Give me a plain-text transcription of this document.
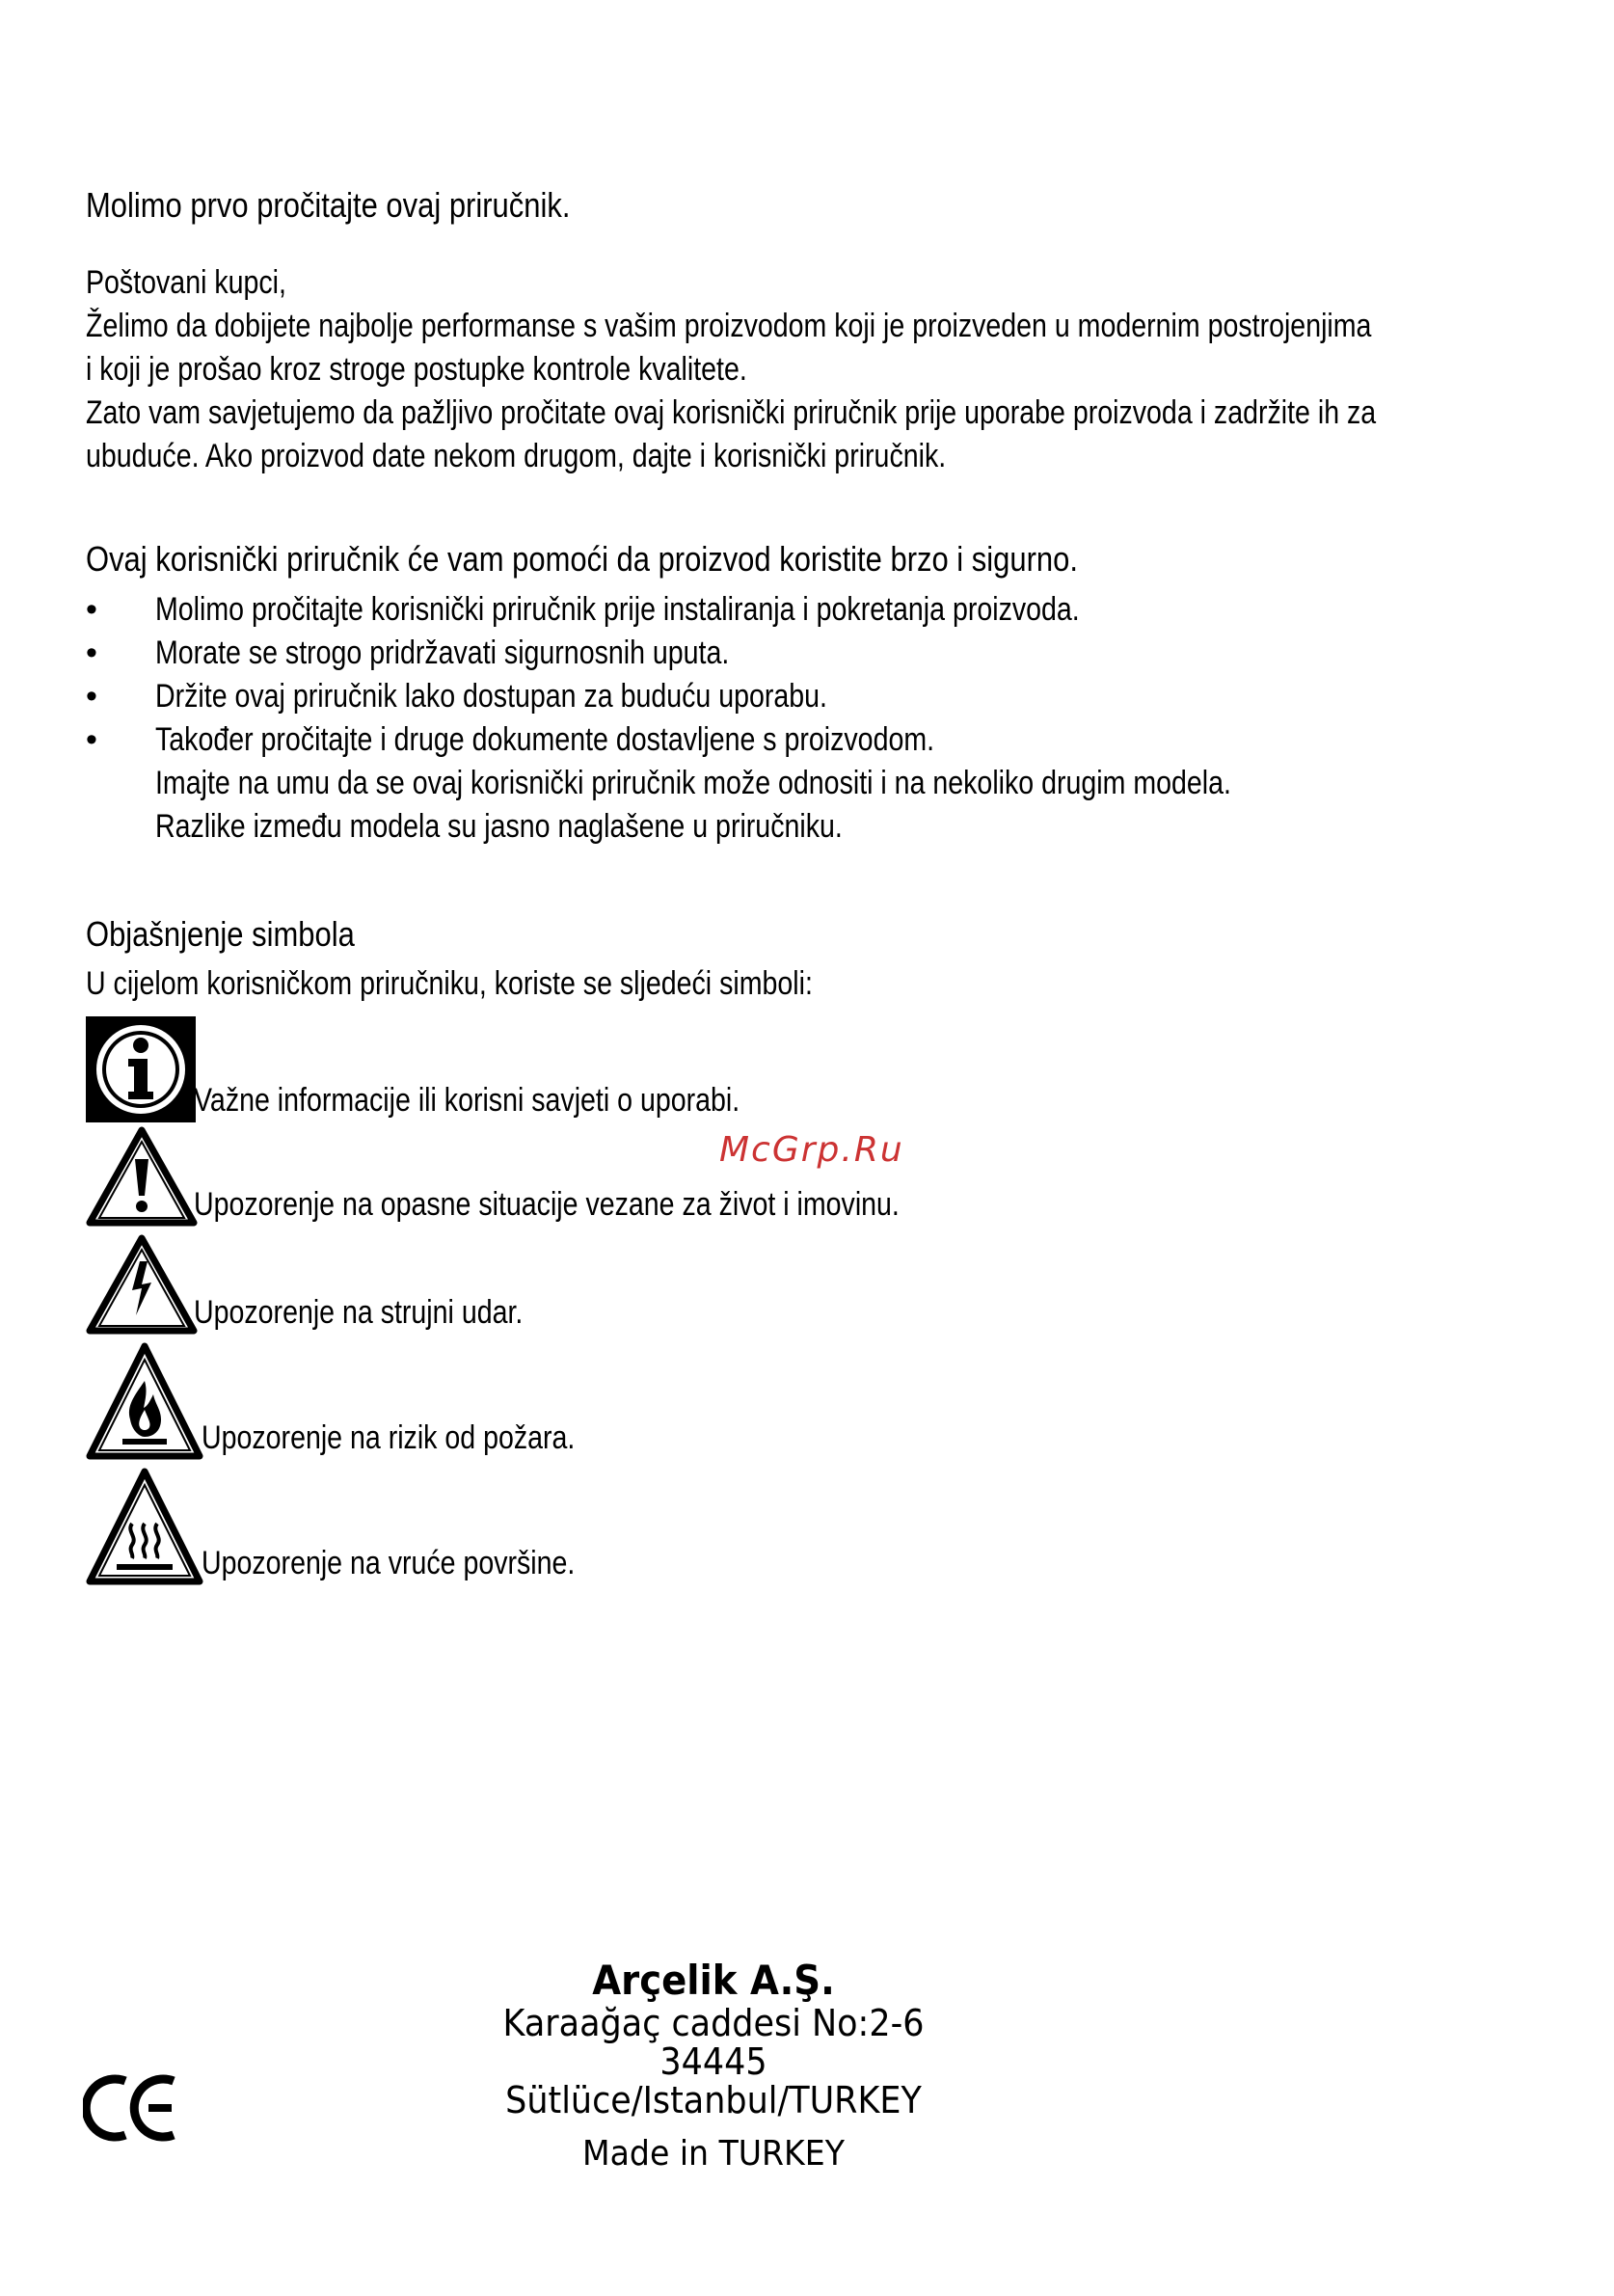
Molimo prvo pročitajte ovaj priručnik.
Poštovani kupci,
Želimo da dobijete najbolje performanse s vašim proizvodom koji je proizveden u modernim postrojenjima
i koji je prošao kroz stroge postupke kontrole kvalitete.
Zato vam savjetujemo da pažljivo pročitate ovaj korisnički priručnik prije uporabe proizvoda i zadržite ih za
ubuduće. Ako proizvod date nekom drugom, dajte i korisnički priručnik.
Ovaj korisnički priručnik će vam pomoći da proizvod koristite brzo i sigurno.
• Molimo pročitajte korisnički priručnik prije instaliranja i pokretanja proizvoda.
• Morate se strogo pridržavati sigurnosnih uputa.
• Držite ovaj priručnik lako dostupan za buduću uporabu.
• Također pročitajte i druge dokumente dostavljene s proizvodom.
Imajte na umu da se ovaj korisnički priručnik može odnositi i na nekoliko drugim modela.
Razlike između modela su jasno naglašene u priručniku.
Objašnjenje simbola
U cijelom korisničkom priručniku, koriste se sljedeći simboli:
Važne informacije ili korisni savjeti o uporabi.
Upozorenje na opasne situacije vezane za život i imovinu.
Upozorenje na strujni udar.
Upozorenje na rizik od požara.
Upozorenje na vruće površine.
McGrp.Ru
Arçelik A.Ş.
Karaağaç caddesi No:2-6
34445 Sütlüce/Istanbul/TURKEY
Made in TURKEY
